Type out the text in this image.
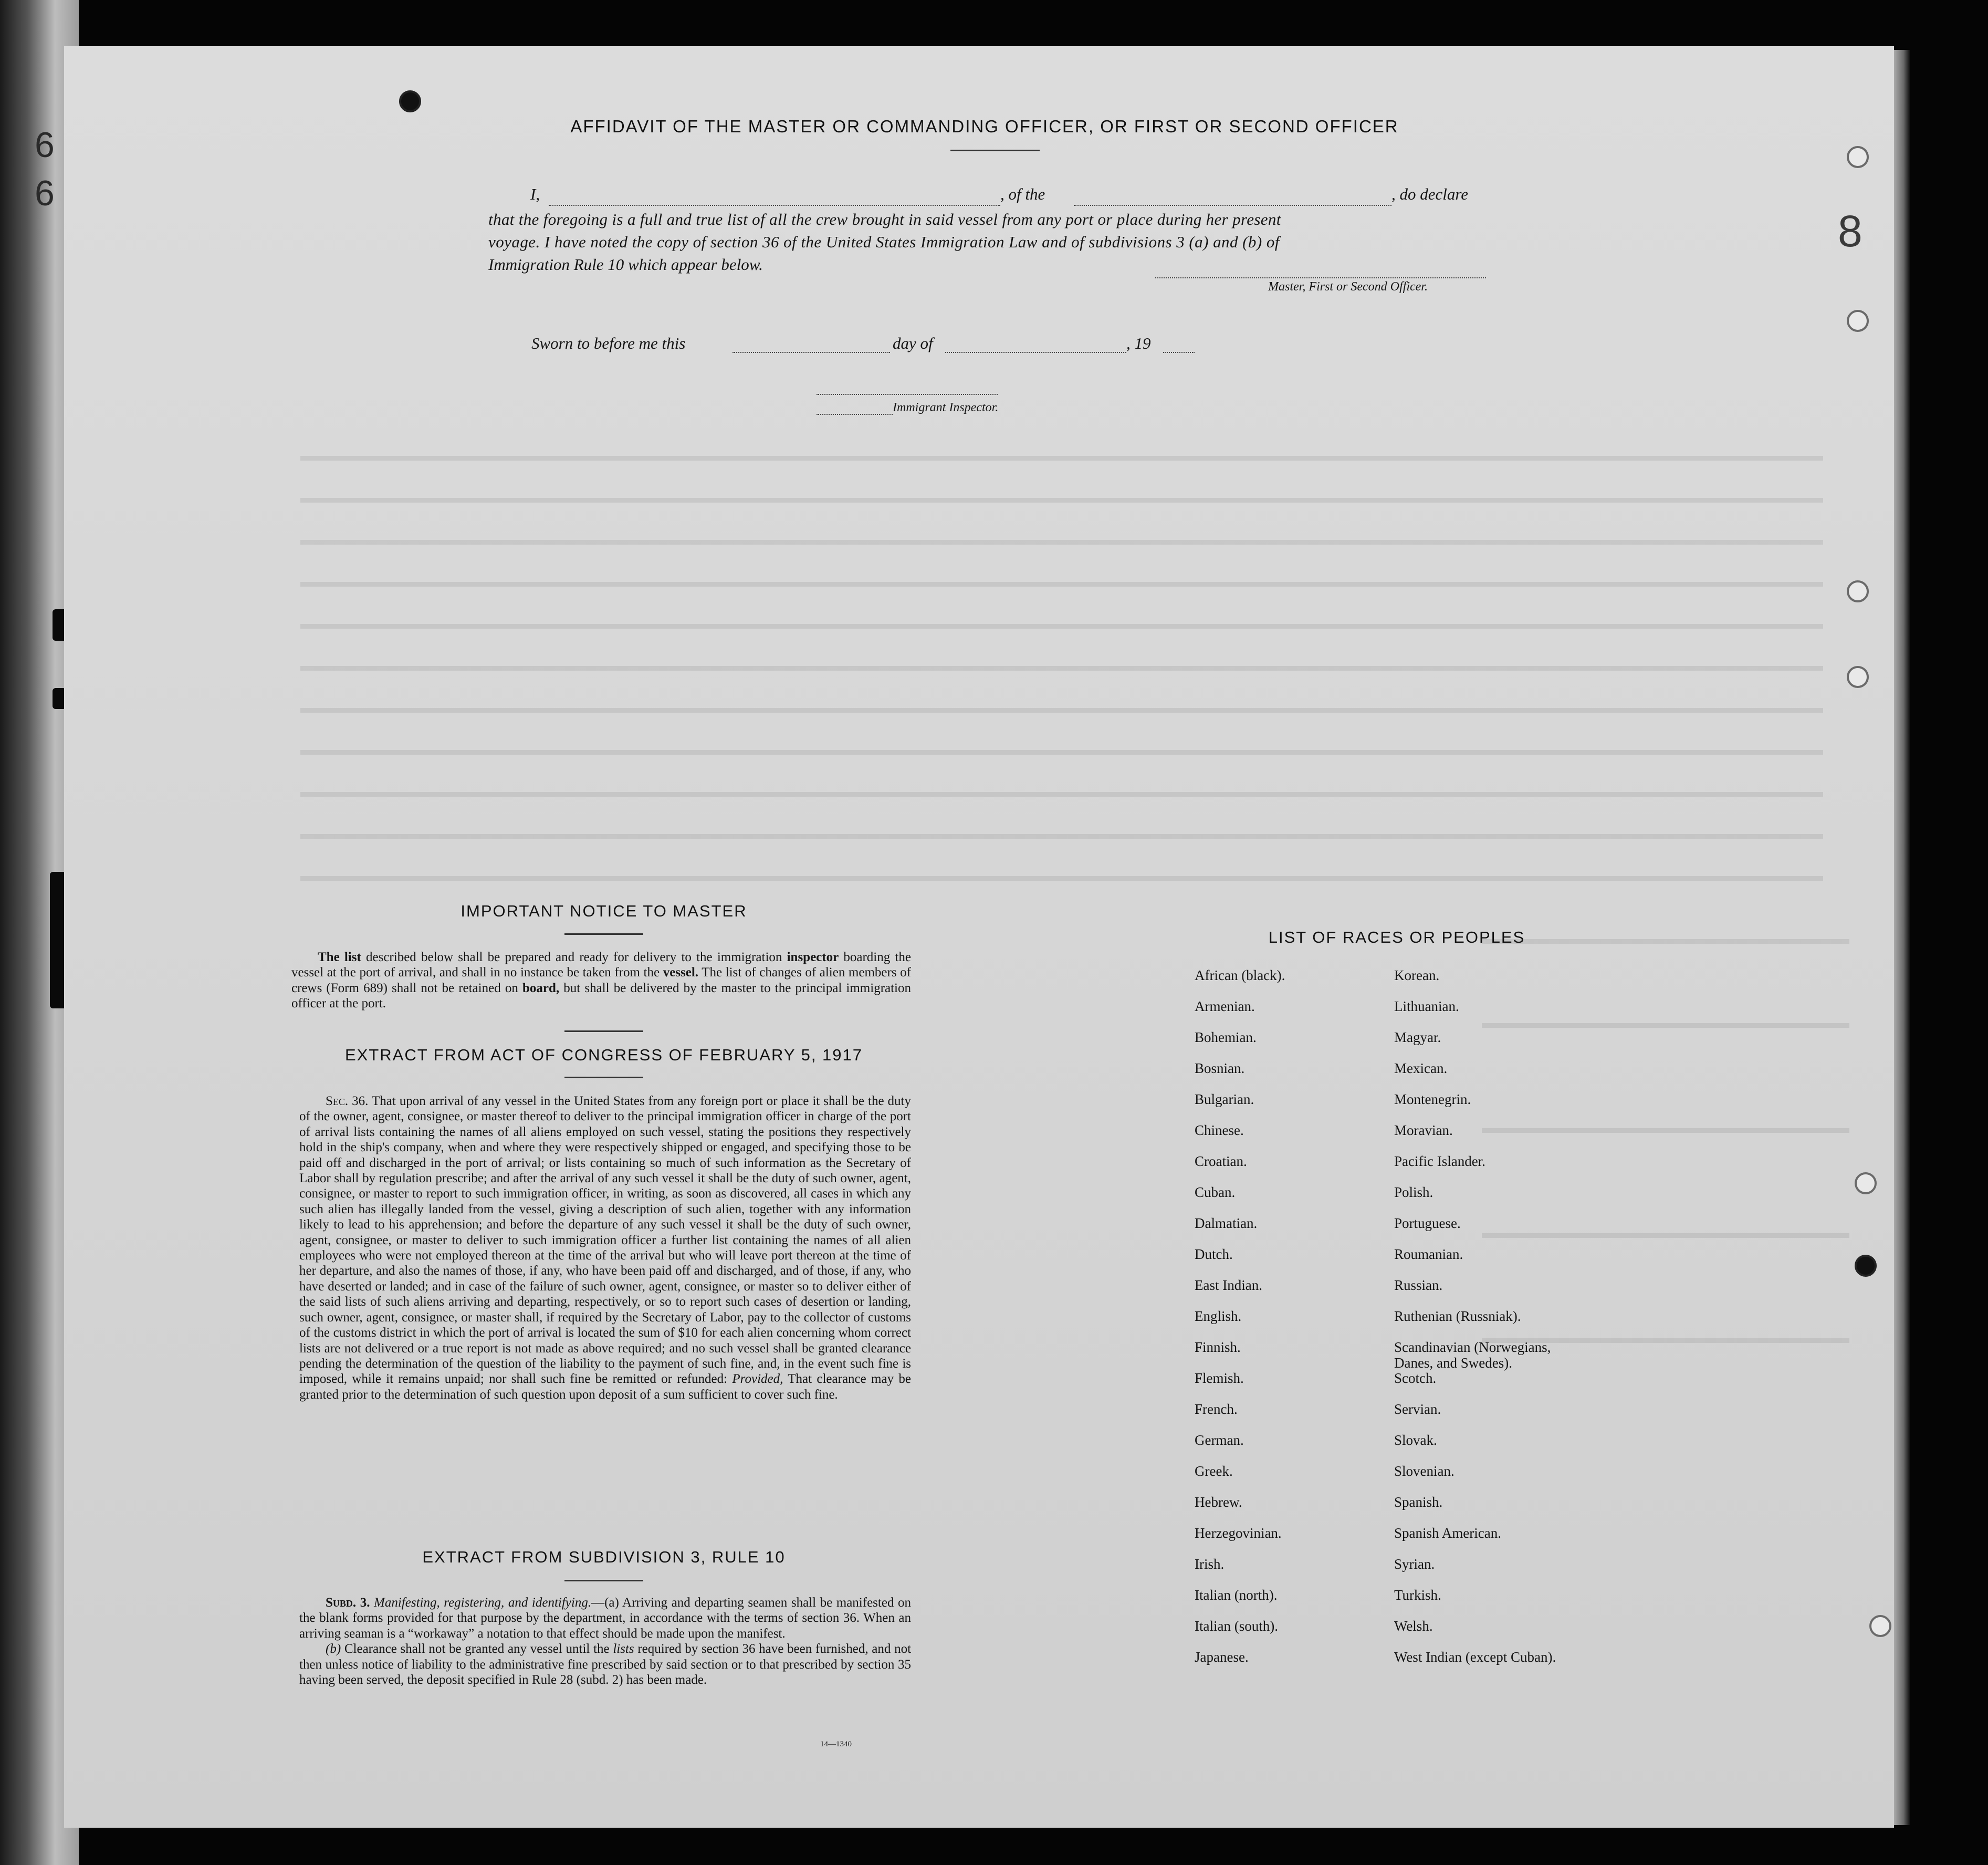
6 6
8
AFFIDAVIT OF THE MASTER OR COMMANDING OFFICER, OR FIRST OR SECOND OFFICER
I,	, of the	, do declare
that the foregoing is a full and true list of all the crew brought in said vessel from any port or place during her present
voyage. I have noted the copy of section 36 of the United States Immigration Law and of subdivisions 3 (a) and (b) of
Immigration Rule 10 which appear below.
Master, First or Second Officer.
Sworn to before me this	day of	, 19
Immigrant Inspector.
IMPORTANT NOTICE TO MASTER

The list described below shall be prepared and ready for delivery to the immigration inspector boarding the vessel at the port of arrival, and shall in no instance be taken from the vessel. The list of changes of alien members of crews (Form 689) shall not be retained on board, but shall be delivered by the master to the principal immigration officer at the port.

EXTRACT FROM ACT OF CONGRESS OF FEBRUARY 5, 1917

Sec. 36. That upon arrival of any vessel in the United States from any foreign port or place it shall be the duty of the owner, agent, consignee, or master thereof to deliver to the principal immigration officer in charge of the port of arrival lists containing the names of all aliens employed on such vessel, stating the positions they respectively hold in the ship's company, when and where they were respectively shipped or engaged, and specifying those to be paid off and discharged in the port of arrival; or lists containing so much of such information as the Secretary of Labor shall by regulation prescribe; and after the arrival of any such vessel it shall be the duty of such owner, agent, consignee, or master to report to such immigration officer, in writing, as soon as discovered, all cases in which any such alien has illegally landed from the vessel, giving a description of such alien, together with any information likely to lead to his apprehension; and before the departure of any such vessel it shall be the duty of such owner, agent, consignee, or master to deliver to such immigration officer a further list containing the names of all alien employees who were not employed thereon at the time of the arrival but who will leave port thereon at the time of her departure, and also the names of those, if any, who have been paid off and discharged, and of those, if any, who have deserted or landed; and in case of the failure of such owner, agent, consignee, or master so to deliver either of the said lists of such aliens arriving and departing, respectively, or so to report such cases of desertion or landing, such owner, agent, consignee, or master shall, if required by the Secretary of Labor, pay to the collector of customs of the customs district in which the port of arrival is located the sum of $10 for each alien concerning whom correct lists are not delivered or a true report is not made as above required; and no such vessel shall be granted clearance pending the determination of the question of the liability to the payment of such fine, and, in the event such fine is imposed, while it remains unpaid; nor shall such fine be remitted or refunded: Provided, That clearance may be granted prior to the determination of such question upon deposit of a sum sufficient to cover such fine.

EXTRACT FROM SUBDIVISION 3, RULE 10

Subd. 3. Manifesting, registering, and identifying.—(a) Arriving and departing seamen shall be manifested on the blank forms provided for that purpose by the department, in accordance with the terms of section 36. When an arriving seaman is a “workaway” a notation to that effect should be made upon the manifest.

(b) Clearance shall not be granted any vessel until the lists required by section 36 have been furnished, and not then unless notice of liability to the administrative fine prescribed by said section or to that prescribed by section 35 having been served, the deposit specified in Rule 28 (subd. 2) has been made.

14—1340
LIST OF RACES OR PEOPLES
African (black).
Armenian.
Bohemian.
Bosnian.
Bulgarian.
Chinese.
Croatian.
Cuban.
Dalmatian.
Dutch.
East Indian.
English.
Finnish.
Flemish.
French.
German.
Greek.
Hebrew.
Herzegovinian.
Irish.
Italian (north).
Italian (south).
Japanese.
Korean.
Lithuanian.
Magyar.
Mexican.
Montenegrin.
Moravian.
Pacific Islander.
Polish.
Portuguese.
Roumanian.
Russian.
Ruthenian (Russniak).
Scandinavian (Norwegians,
Danes, and Swedes).
Scotch.
Servian.
Slovak.
Slovenian.
Spanish.
Spanish American.
Syrian.
Turkish.
Welsh.
West Indian (except Cuban).
